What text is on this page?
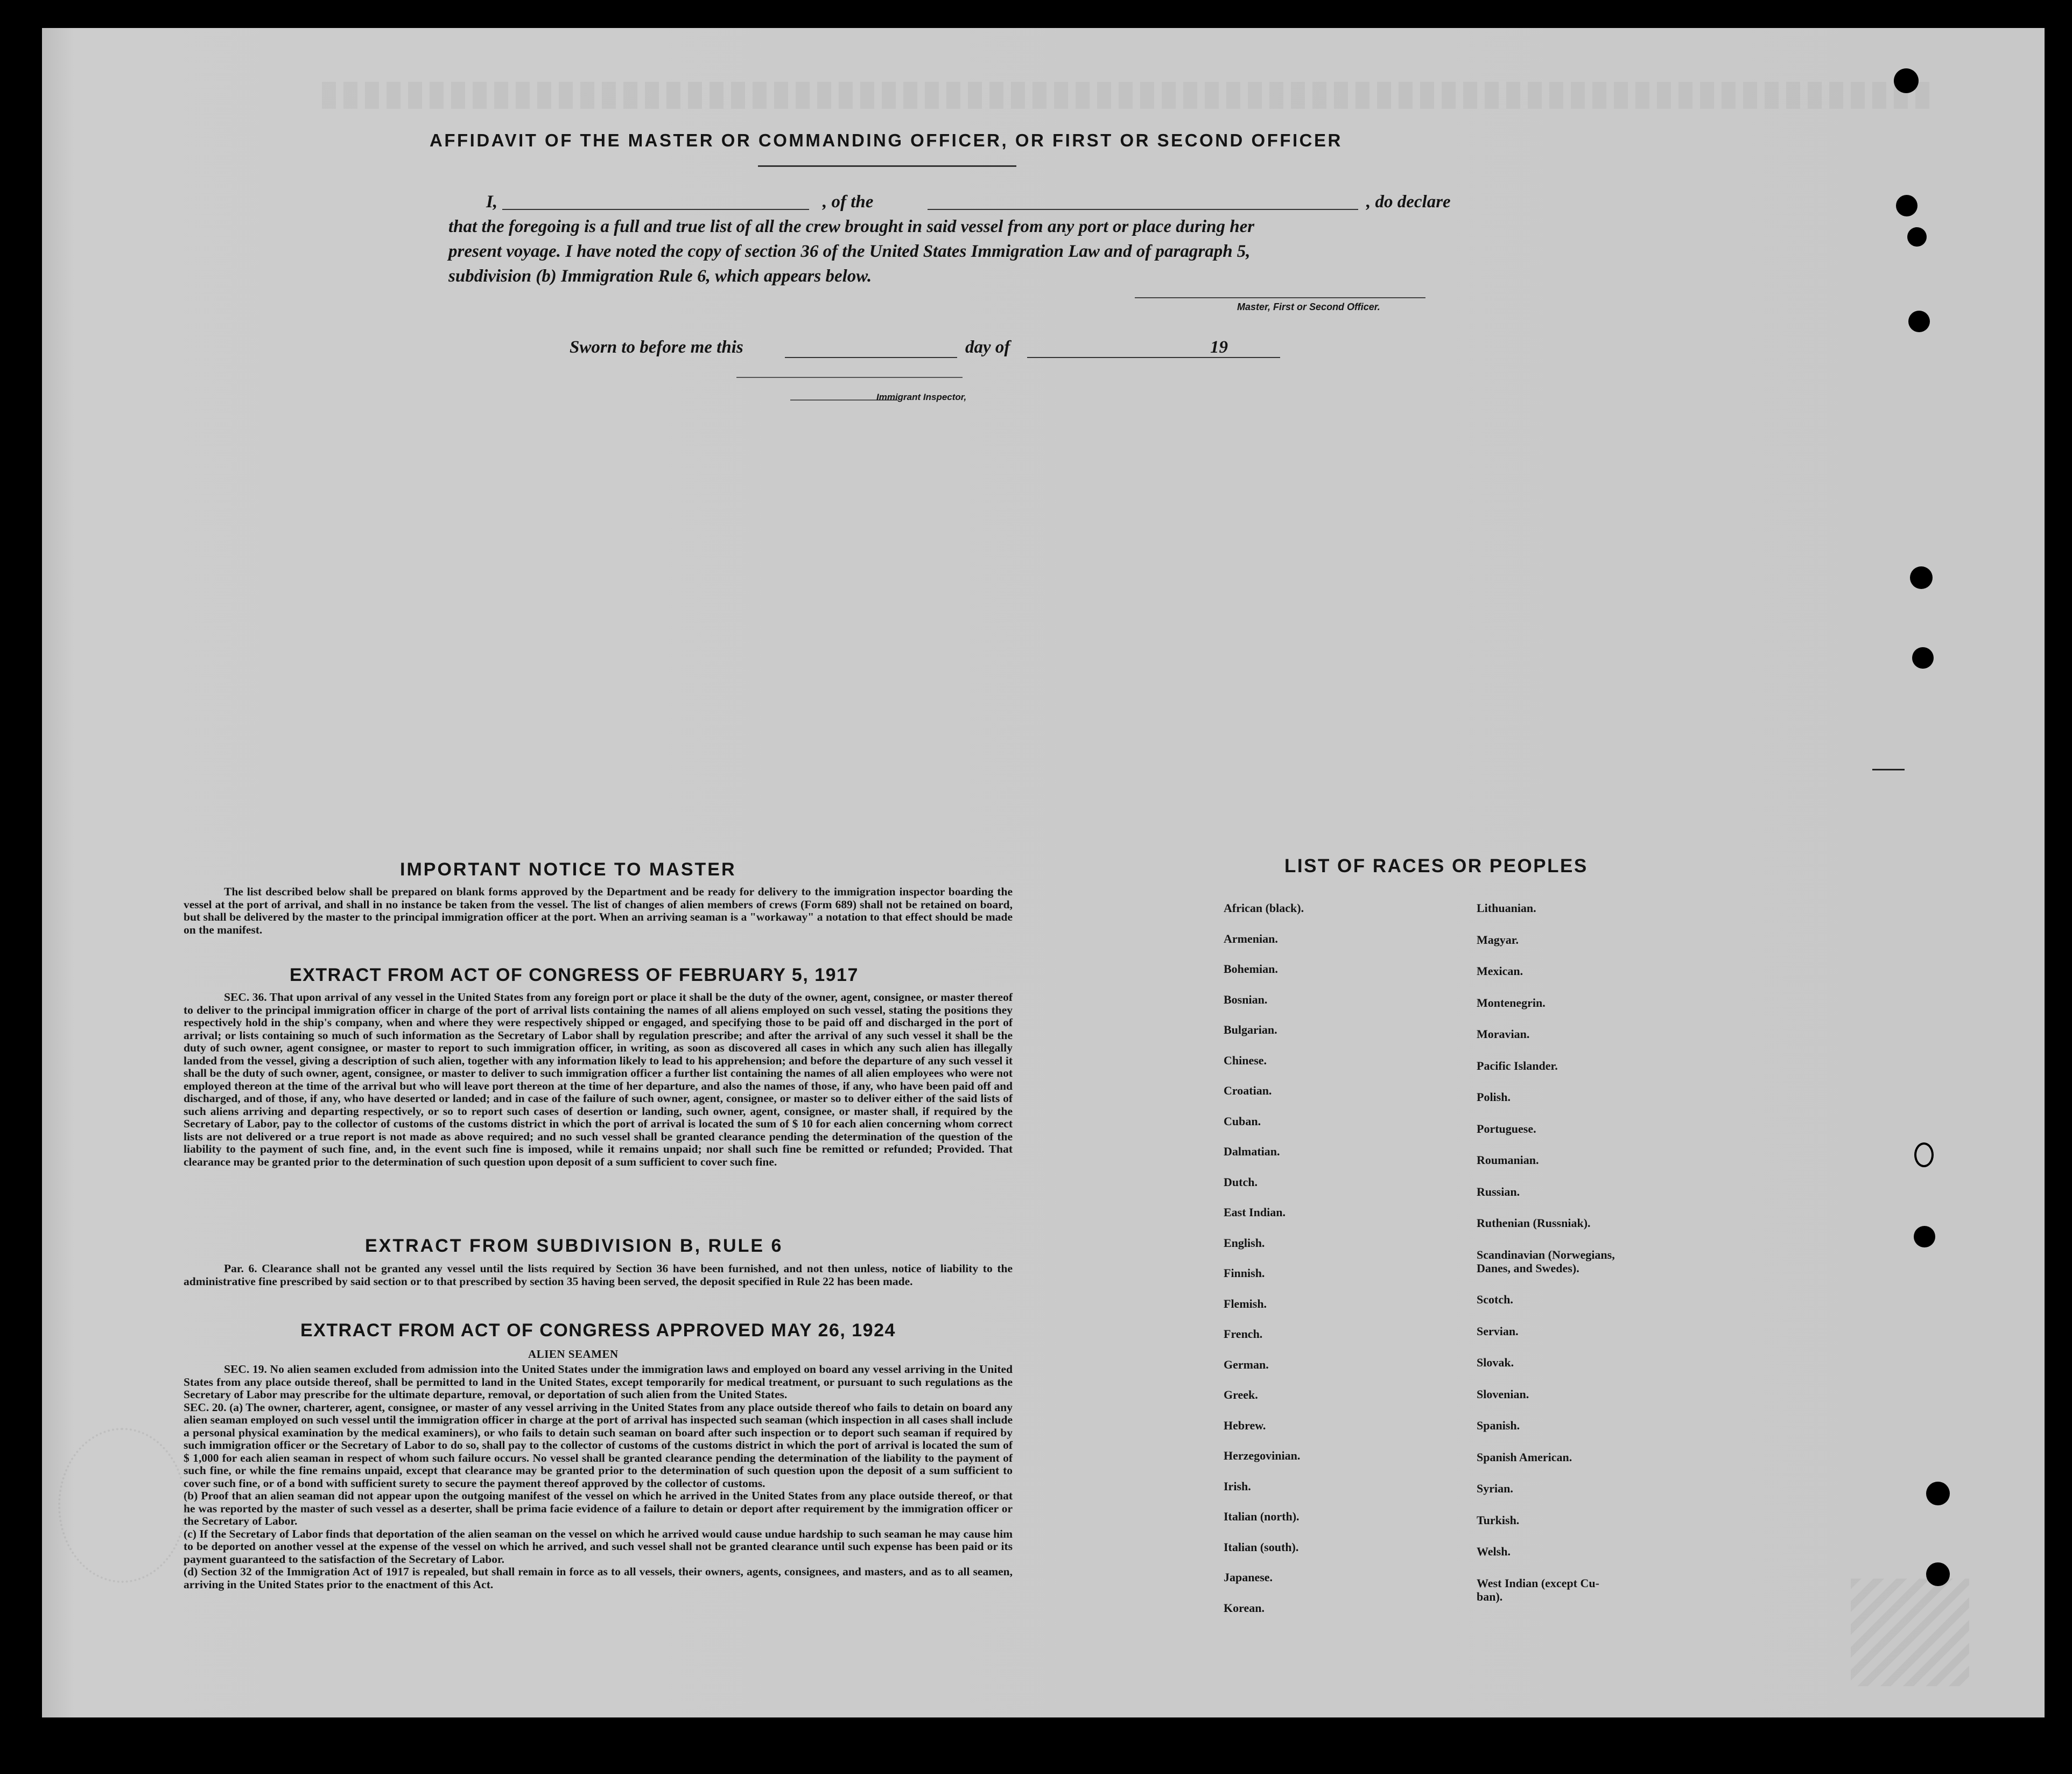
AFFIDAVIT OF THE MASTER OR COMMANDING OFFICER, OR FIRST OR SECOND OFFICER
I,	, of the	, do declare
that the foregoing is a full and true list of all the crew brought in said vessel from any port or place during her
present voyage. I have noted the copy of section 36 of the United States Immigration Law and of paragraph 5,
subdivision (b) Immigration Rule 6, which appears below.
Master, First or Second Officer.
Sworn to before me this	day of	19
Immigrant Inspector,
IMPORTANT NOTICE TO MASTER
The list described below shall be prepared on blank forms approved by the Department and be ready for delivery to the immigration inspector boarding the vessel at the port of arrival, and shall in no instance be taken from the vessel. The list of changes of alien members of crews (Form 689) shall not be retained on board, but shall be delivered by the master to the principal immigration officer at the port. When an arriving seaman is a "workaway" a notation to that effect should be made on the manifest.
EXTRACT FROM ACT OF CONGRESS OF FEBRUARY 5, 1917
SEC. 36. That upon arrival of any vessel in the United States from any foreign port or place it shall be the duty of the owner, agent, consignee, or master thereof to deliver to the principal immigration officer in charge of the port of arrival lists containing the names of all aliens employed on such vessel, stating the positions they respectively hold in the ship's company, when and where they were respectively shipped or engaged, and specifying those to be paid off and discharged in the port of arrival; or lists containing so much of such information as the Secretary of Labor shall by regulation prescribe; and after the arrival of any such vessel it shall be the duty of such owner, agent consignee, or master to report to such immigration officer, in writing, as soon as discovered all cases in which any such alien has illegally landed from the vessel, giving a description of such alien, together with any information likely to lead to his apprehension; and before the departure of any such vessel it shall be the duty of such owner, agent, consignee, or master to deliver to such immigration officer a further list containing the names of all alien employees who were not employed thereon at the time of the arrival but who will leave port thereon at the time of her departure, and also the names of those, if any, who have been paid off and discharged, and of those, if any, who have deserted or landed; and in case of the failure of such owner, agent, consignee, or master so to deliver either of the said lists of such aliens arriving and departing respectively, or so to report such cases of desertion or landing, such owner, agent, consignee, or master shall, if required by the Secretary of Labor, pay to the collector of customs of the customs district in which the port of arrival is located the sum of $ 10 for each alien concerning whom correct lists are not delivered or a true report is not made as above required; and no such vessel shall be granted clearance pending the determination of the question of the liability to the payment of such fine, and, in the event such fine is imposed, while it remains unpaid; nor shall such fine be remitted or refunded; Provided. That clearance may be granted prior to the determination of such question upon deposit of a sum sufficient to cover such fine.
EXTRACT FROM SUBDIVISION B, RULE 6
Par. 6. Clearance shall not be granted any vessel until the lists required by Section 36 have been furnished, and not then unless, notice of liability to the administrative fine prescribed by said section or to that prescribed by section 35 having been served, the deposit specified in Rule 22 has been made.
EXTRACT FROM ACT OF CONGRESS APPROVED MAY 26, 1924
ALIEN SEAMEN
SEC. 19. No alien seamen excluded from admission into the United States under the immigration laws and employed on board any vessel arriving in the United States from any place outside thereof, shall be permitted to land in the United States, except temporarily for medical treatment, or pursuant to such regulations as the Secretary of Labor may prescribe for the ultimate departure, removal, or deportation of such alien from the United States.
SEC. 20. (a) The owner, charterer, agent, consignee, or master of any vessel arriving in the United States from any place outside thereof who fails to detain on board any alien seaman employed on such vessel until the immigration officer in charge at the port of arrival has inspected such seaman (which inspection in all cases shall include a personal physical examination by the medical examiners), or who fails to detain such seaman on board after such inspection or to deport such seaman if required by such immigration officer or the Secretary of Labor to do so, shall pay to the collector of customs of the customs district in which the port of arrival is located the sum of $ 1,000 for each alien seaman in respect of whom such failure occurs. No vessel shall be granted clearance pending the determination of the liability to the payment of such fine, or while the fine remains unpaid, except that clearance may be granted prior to the determination of such question upon the deposit of a sum sufficient to cover such fine, or of a bond with sufficient surety to secure the payment thereof approved by the collector of customs.
(b) Proof that an alien seaman did not appear upon the outgoing manifest of the vessel on which he arrived in the United States from any place outside thereof, or that he was reported by the master of such vessel as a deserter, shall be prima facie evidence of a failure to detain or deport after requirement by the immigration officer or the Secretary of Labor.
(c) If the Secretary of Labor finds that deportation of the alien seaman on the vessel on which he arrived would cause undue hardship to such seaman he may cause him to be deported on another vessel at the expense of the vessel on which he arrived, and such vessel shall not be granted clearance until such expense has been paid or its payment guaranteed to the satisfaction of the Secretary of Labor.
(d) Section 32 of the Immigration Act of 1917 is repealed, but shall remain in force as to all vessels, their owners, agents, consignees, and masters, and as to all seamen, arriving in the United States prior to the enactment of this Act.
LIST OF RACES OR PEOPLES
African (black).
Armenian.
Bohemian.
Bosnian.
Bulgarian.
Chinese.
Croatian.
Cuban.
Dalmatian.
Dutch.
East Indian.
English.
Finnish.
Flemish.
French.
German.
Greek.
Hebrew.
Herzegovinian.
Irish.
Italian (north).
Italian (south).
Japanese.
Korean.
Lithuanian.
Magyar.
Mexican.
Montenegrin.
Moravian.
Pacific Islander.
Polish.
Portuguese.
Roumanian.
Russian.
Ruthenian (Russniak).
Scandinavian (Norwegians,
Danes, and Swedes).
Scotch.
Servian.
Slovak.
Slovenian.
Spanish.
Spanish American.
Syrian.
Turkish.
Welsh.
West Indian (except Cu-
ban).
